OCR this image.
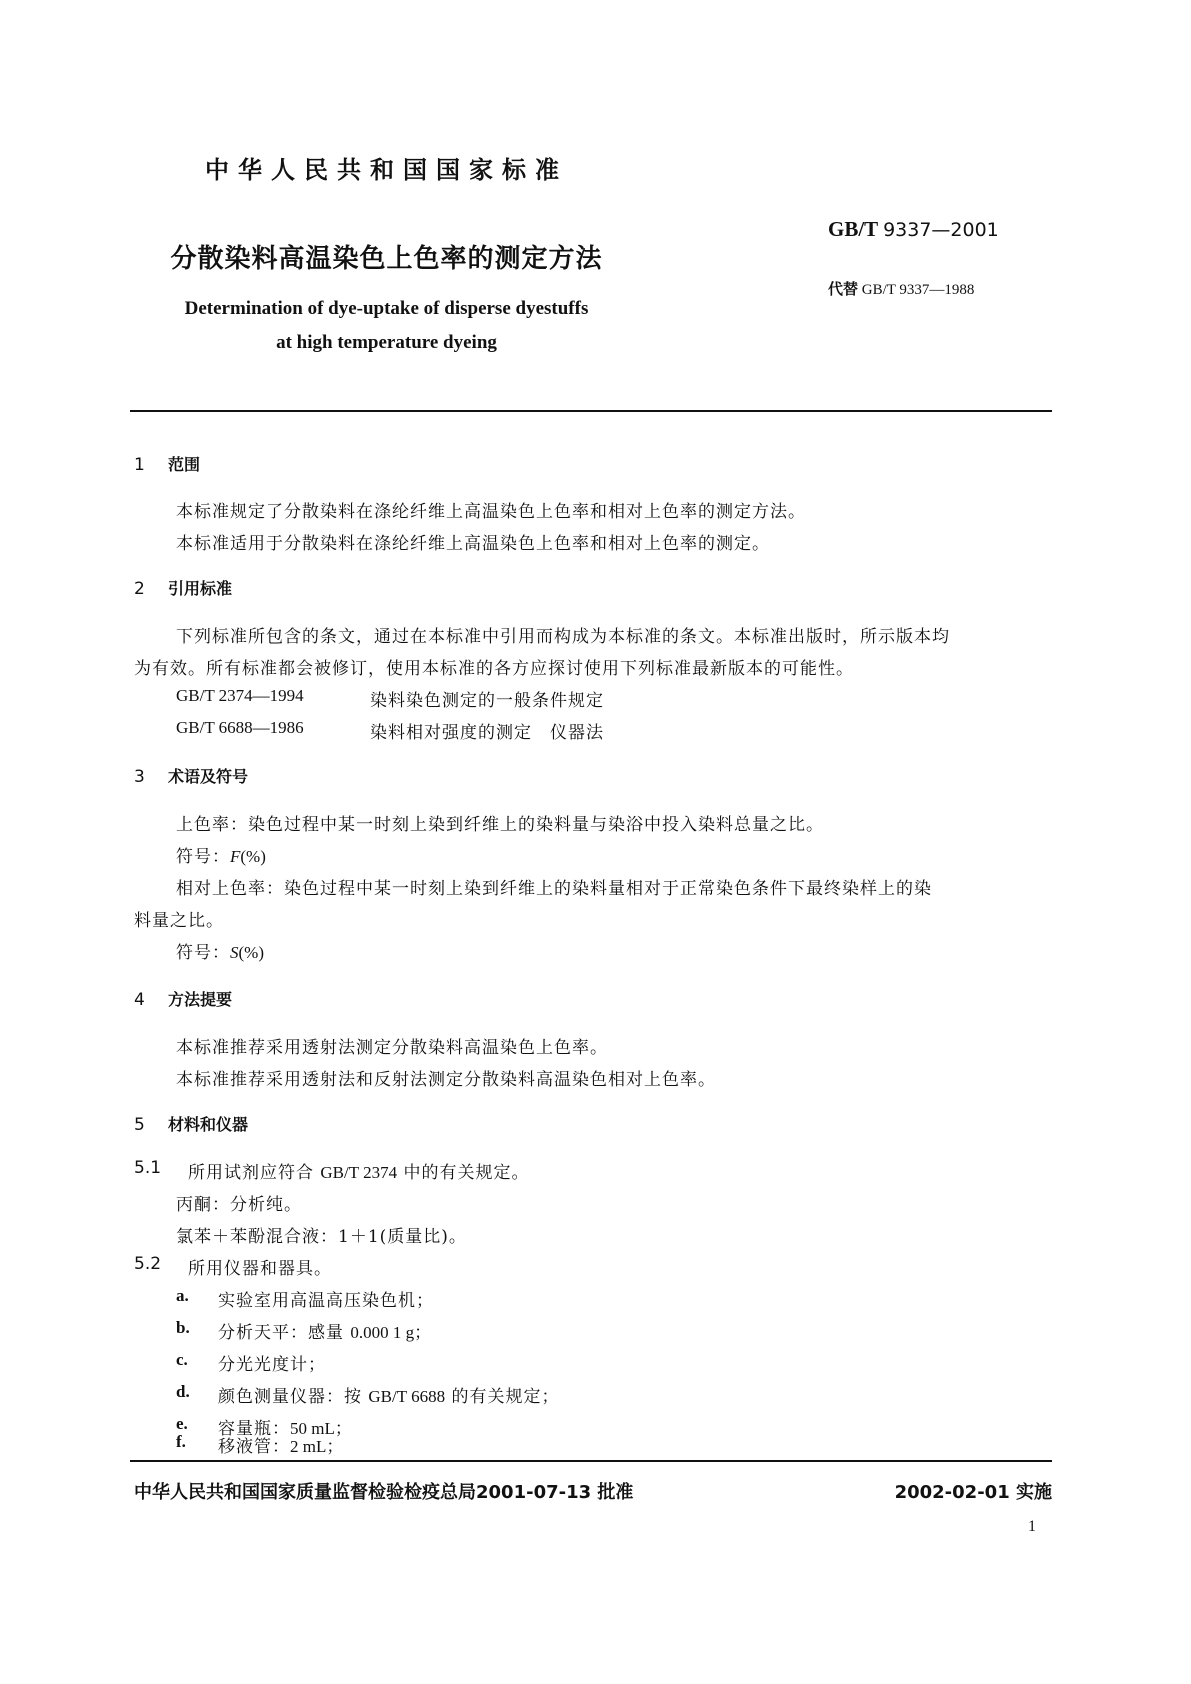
中华人民共和国国家标准
GB/T 9337—2001
分散染料高温染色上色率的测定方法
代替 GB/T 9337—1988
Determination of dye-uptake of disperse dyestuffs
at high temperature dyeing
1 范围
本标准规定了分散染料在涤纶纤维上高温染色上色率和相对上色率的测定方法。
本标准适用于分散染料在涤纶纤维上高温染色上色率和相对上色率的测定。
2 引用标准
下列标准所包含的条文，通过在本标准中引用而构成为本标准的条文。本标准出版时，所示版本均
为有效。所有标准都会被修订，使用本标准的各方应探讨使用下列标准最新版本的可能性。
GB/T 2374—1994	染料染色测定的一般条件规定
GB/T 6688—1986	染料相对强度的测定　仪器法
3 术语及符号
上色率：染色过程中某一时刻上染到纤维上的染料量与染浴中投入染料总量之比。
符号：F(%)
相对上色率：染色过程中某一时刻上染到纤维上的染料量相对于正常染色条件下最终染样上的染
料量之比。
符号：S(%)
4 方法提要
本标准推荐采用透射法测定分散染料高温染色上色率。
本标准推荐采用透射法和反射法测定分散染料高温染色相对上色率。
5 材料和仪器
5.1 所用试剂应符合 GB/T 2374 中的有关规定。
丙酮：分析纯。
氯苯＋苯酚混合液：1＋1(质量比)。
5.2 所用仪器和器具。
a. 实验室用高温高压染色机；
b. 分析天平：感量 0.000 1 g；
c. 分光光度计；
d. 颜色测量仪器：按 GB/T 6688 的有关规定；
e. 容量瓶：50 mL；
f. 移液管：2 mL；
中华人民共和国国家质量监督检验检疫总局2001-07-13 批准	2002-02-01 实施
1
